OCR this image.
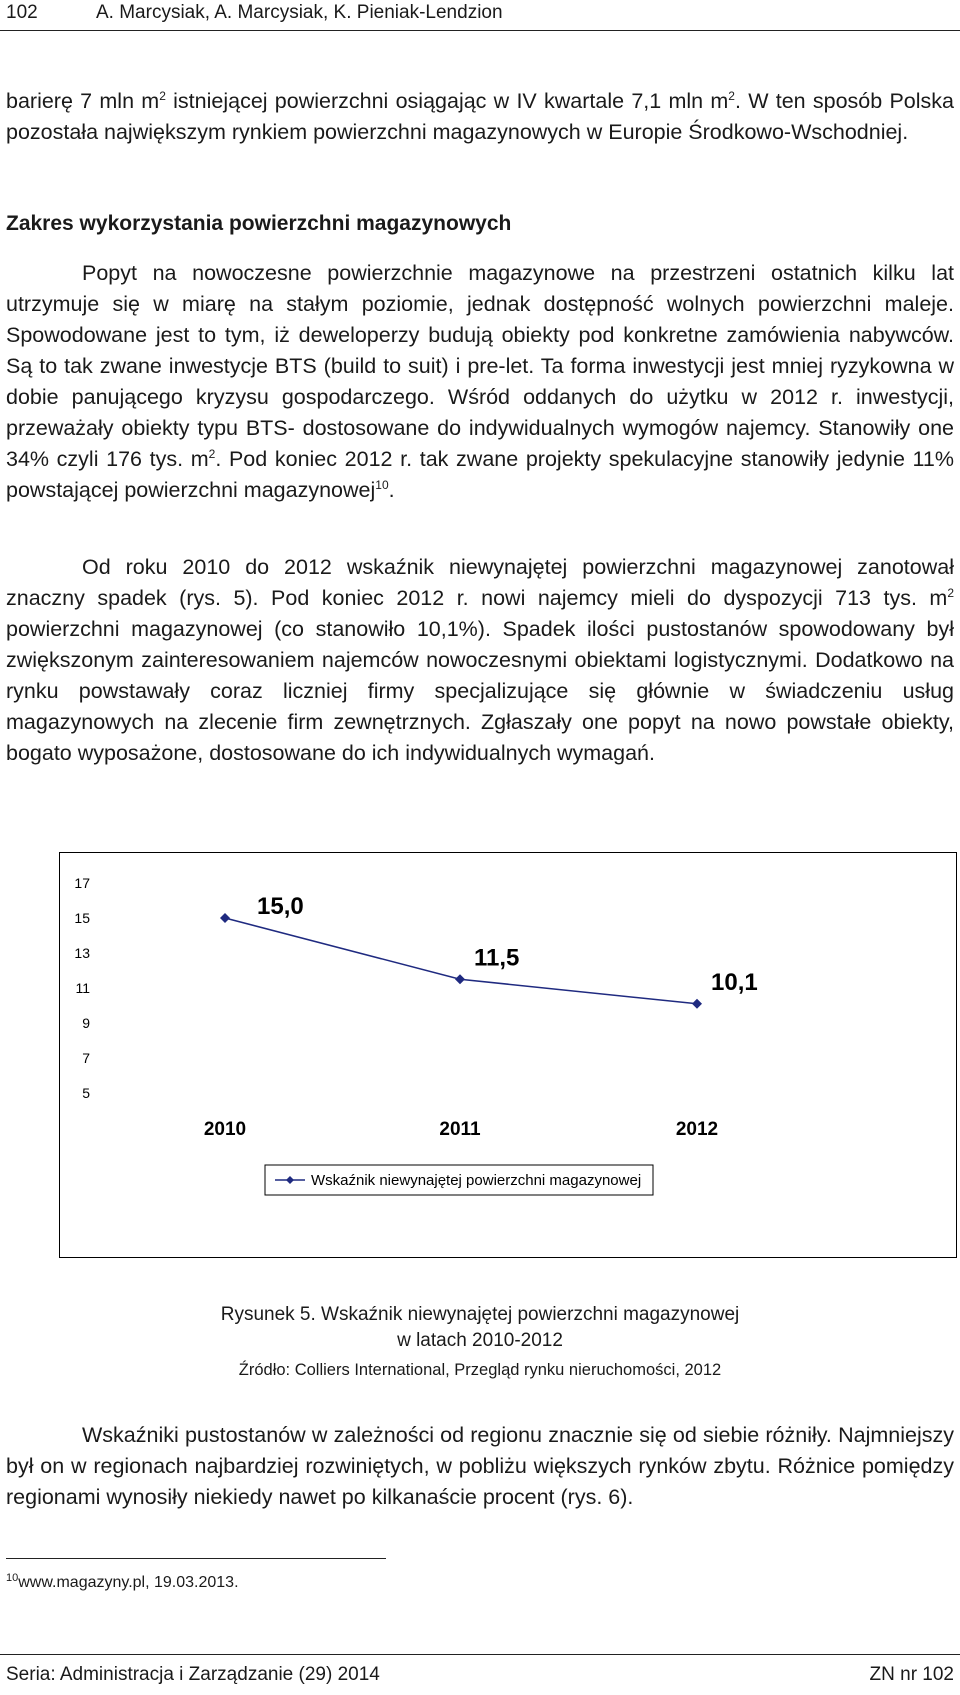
102	A. Marcysiak, A. Marcysiak, K. Pieniak-Lendzion

barierę 7 mln $m^2$ istniejącej powierzchni osiągając w IV kwartale 7,1 mln $m^2$. W ten sposób Polska pozostała największym rynkiem powierzchni magazynowych w Europie Środkowo-Wschodniej.

Zakres wykorzystania powierzchni magazynowych

Popyt na nowoczesne powierzchnie magazynowe na przestrzeni ostatnich kilku lat utrzymuje się w miarę na stałym poziomie, jednak dostępność wolnych powierzchni maleje. Spowodowane jest to tym, iż deweloperzy budują obiekty pod konkretne zamówienia nabywców. Są to tak zwane inwestycje BTS (build to suit) i pre-let. Ta forma inwestycji jest mniej ryzykowna w dobie panującego kryzysu gospodarczego. Wśród oddanych do użytku w 2012 r. inwestycji, przeważały obiekty typu BTS- dostosowane do indywidualnych wymogów najemcy. Stanowiły one 34% czyli 176 tys. $m^2$. Pod koniec 2012 r. tak zwane projekty spekulacyjne stanowiły jedynie 11% powstającej powierzchni magazynowej$^{10}$.

Od roku 2010 do 2012 wskaźnik niewynajętej powierzchni magazynowej zanotował znaczny spadek (rys. 5). Pod koniec 2012 r. nowi najemcy mieli do dyspozycji 713 tys. $m^2$ powierzchni magazynowej (co stanowiło 10,1%). Spadek ilości pustostanów spowodowany był zwiększonym zainteresowaniem najemców nowoczesnymi obiektami logistycznymi. Dodatkowo na rynku powstawały coraz liczniej firmy specjalizujące się głównie w świadczeniu usług magazynowych na zlecenie firm zewnętrznych. Zgłaszały one popyt na nowo powstałe obiekty, bogato wyposażone, dostosowane do ich indywidualnych wymagań.

17
15
13
11
9
7
5
2010	2011	2012
15,0
11,5
10,1
Wskaźnik niewynajętej powierzchni magazynowej

Rysunek 5. Wskaźnik niewynajętej powierzchni magazynowej
w latach 2010-2012

Źródło: Colliers International, Przegląd rynku nieruchomości, 2012

Wskaźniki pustostanów w zależności od regionu znacznie się od siebie różniły. Najmniejszy był on w regionach najbardziej rozwiniętych, w pobliżu większych rynków zbytu. Różnice pomiędzy regionami wynosiły niekiedy nawet po kilkanaście procent (rys. 6).

$^{10}$www.magazyny.pl, 19.03.2013.

Seria: Administracja i Zarządzanie (29) 2014	ZN nr 102
